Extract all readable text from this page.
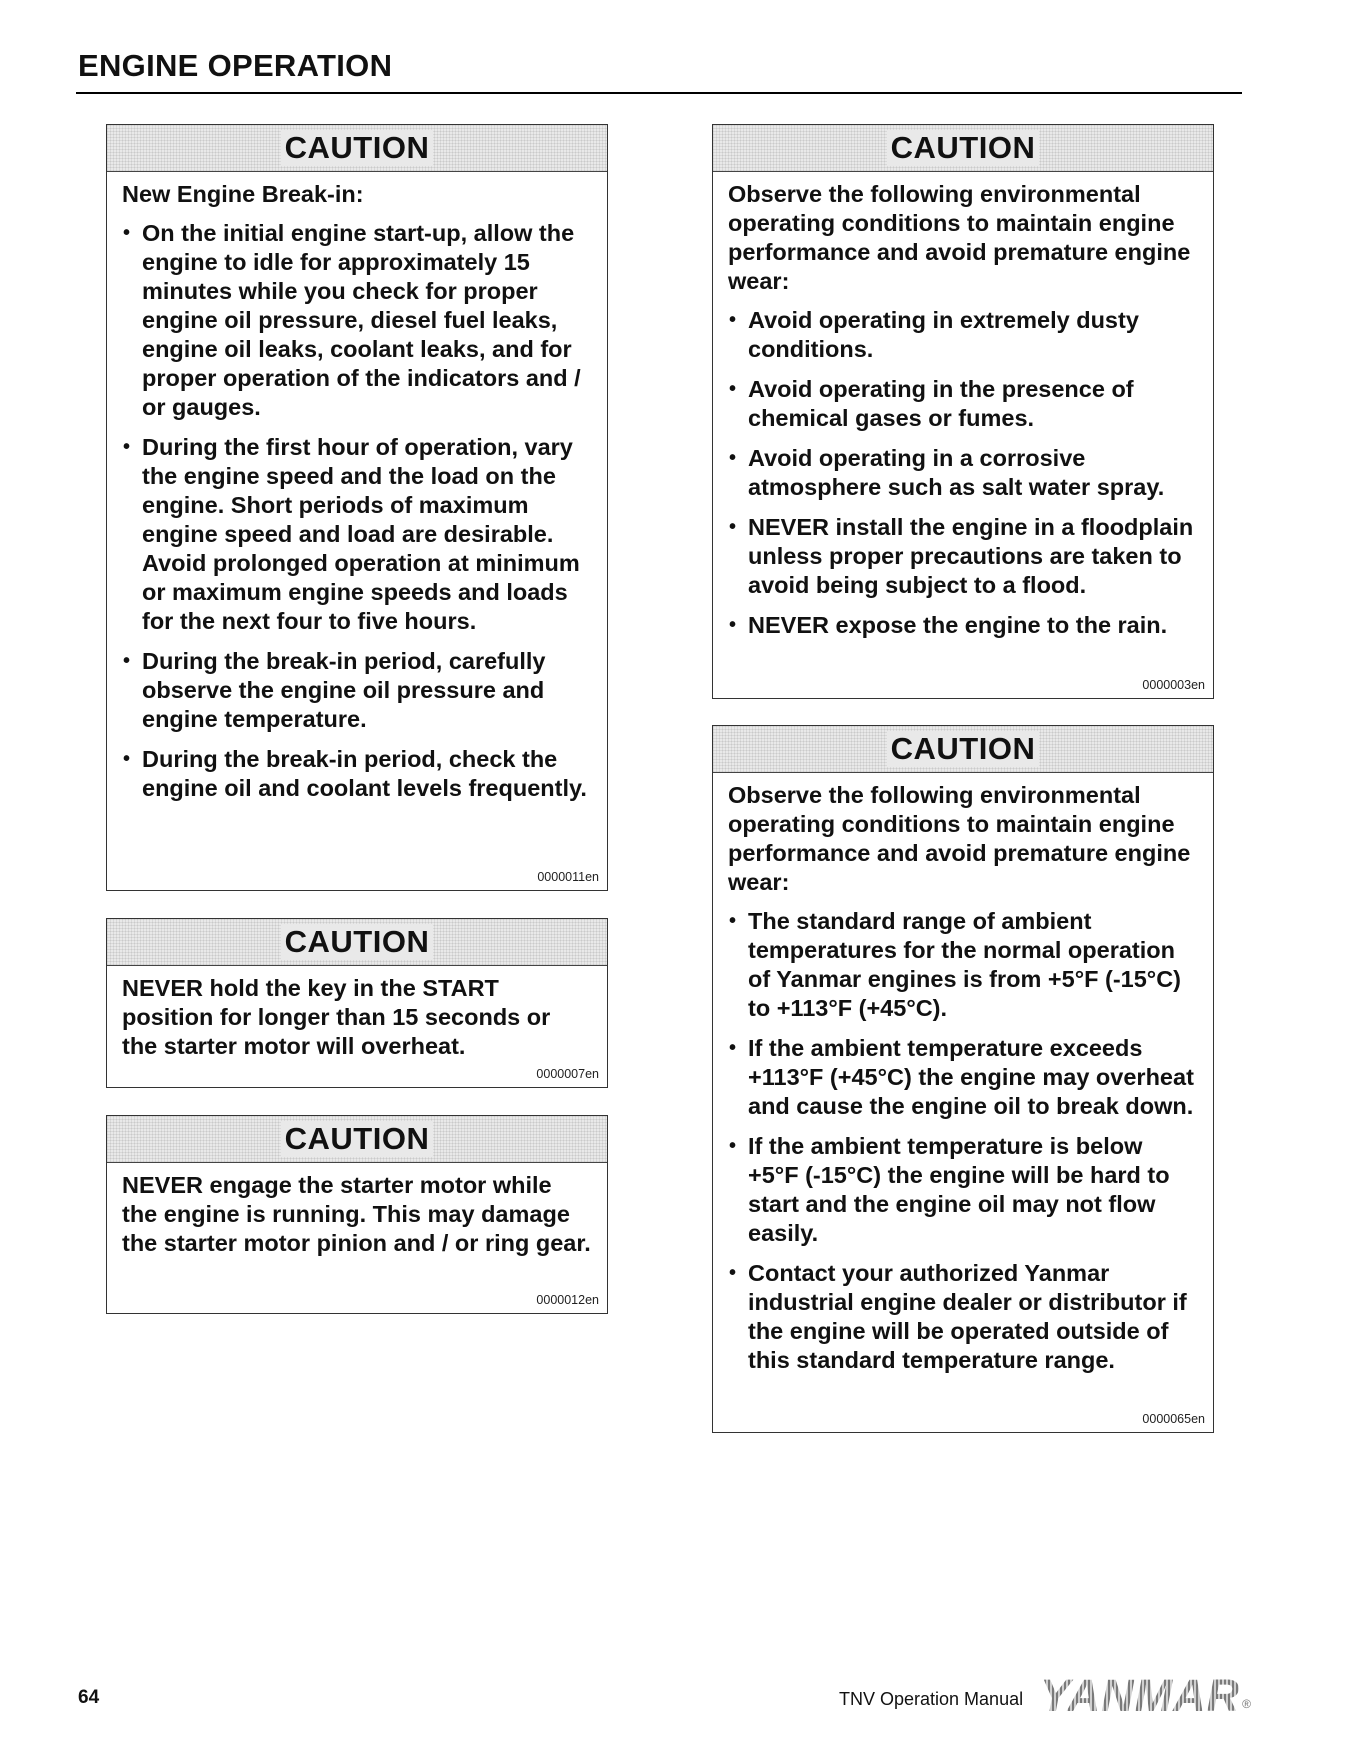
ENGINE OPERATION
CAUTION

New Engine Break-in:

• On the initial engine start-up, allow the engine to idle for approximately 15 minutes while you check for proper engine oil pressure, diesel fuel leaks, engine oil leaks, coolant leaks, and for proper operation of the indicators and / or gauges.
• During the first hour of operation, vary the engine speed and the load on the engine. Short periods of maximum engine speed and load are desirable. Avoid prolonged operation at minimum or maximum engine speeds and loads for the next four to five hours.
• During the break-in period, carefully observe the engine oil pressure and engine temperature.
• During the break-in period, check the engine oil and coolant levels frequently.
0000011en
CAUTION

NEVER hold the key in the START position for longer than 15 seconds or the starter motor will overheat.

0000007en
CAUTION

NEVER engage the starter motor while the engine is running. This may damage the starter motor pinion and / or ring gear.

0000012en
CAUTION

Observe the following environmental operating conditions to maintain engine performance and avoid premature engine wear:

• Avoid operating in extremely dusty conditions.
• Avoid operating in the presence of chemical gases or fumes.
• Avoid operating in a corrosive atmosphere such as salt water spray.
• NEVER install the engine in a floodplain unless proper precautions are taken to avoid being subject to a flood.
• NEVER expose the engine to the rain.
0000003en
CAUTION

Observe the following environmental operating conditions to maintain engine performance and avoid premature engine wear:

• The standard range of ambient temperatures for the normal operation of Yanmar engines is from +5°F (-15°C) to +113°F (+45°C).
• If the ambient temperature exceeds +113°F (+45°C) the engine may overheat and cause the engine oil to break down.
• If the ambient temperature is below +5°F (-15°C) the engine will be hard to start and the engine oil may not flow easily.
• Contact your authorized Yanmar industrial engine dealer or distributor if the engine will be operated outside of this standard temperature range.
0000065en
64	TNV Operation Manual YANMAR ®
